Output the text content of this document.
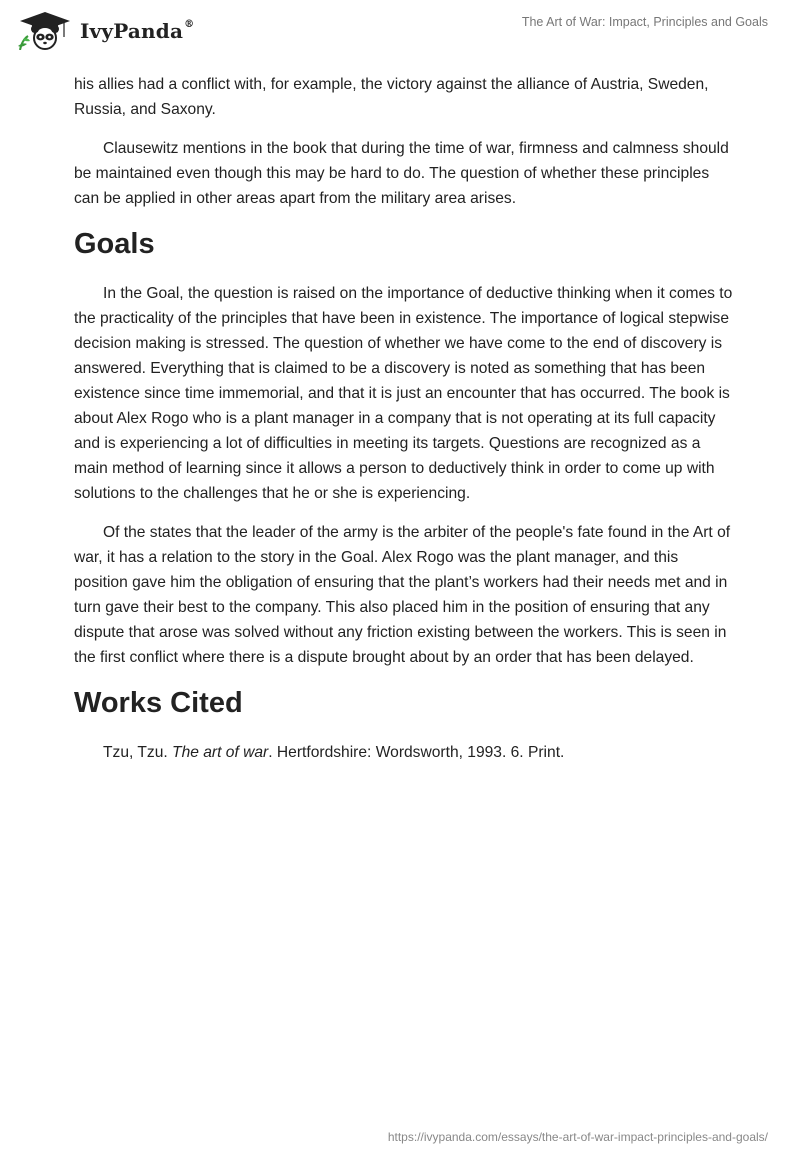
IvyPanda®	The Art of War: Impact, Principles and Goals

his allies had a conflict with, for example, the victory against the alliance of Austria, Sweden, Russia, and Saxony.

Clausewitz mentions in the book that during the time of war, firmness and calmness should be maintained even though this may be hard to do. The question of whether these principles can be applied in other areas apart from the military area arises.

Goals

In the Goal, the question is raised on the importance of deductive thinking when it comes to the practicality of the principles that have been in existence. The importance of logical stepwise decision making is stressed. The question of whether we have come to the end of discovery is answered. Everything that is claimed to be a discovery is noted as something that has been existence since time immemorial, and that it is just an encounter that has occurred. The book is about Alex Rogo who is a plant manager in a company that is not operating at its full capacity and is experiencing a lot of difficulties in meeting its targets. Questions are recognized as a main method of learning since it allows a person to deductively think in order to come up with solutions to the challenges that he or she is experiencing.

Of the states that the leader of the army is the arbiter of the people's fate found in the Art of war, it has a relation to the story in the Goal. Alex Rogo was the plant manager, and this position gave him the obligation of ensuring that the plant’s workers had their needs met and in turn gave their best to the company. This also placed him in the position of ensuring that any dispute that arose was solved without any friction existing between the workers. This is seen in the first conflict where there is a dispute brought about by an order that has been delayed.

Works Cited

Tzu, Tzu. The art of war. Hertfordshire: Wordsworth, 1993. 6. Print.

https://ivypanda.com/essays/the-art-of-war-impact-principles-and-goals/
